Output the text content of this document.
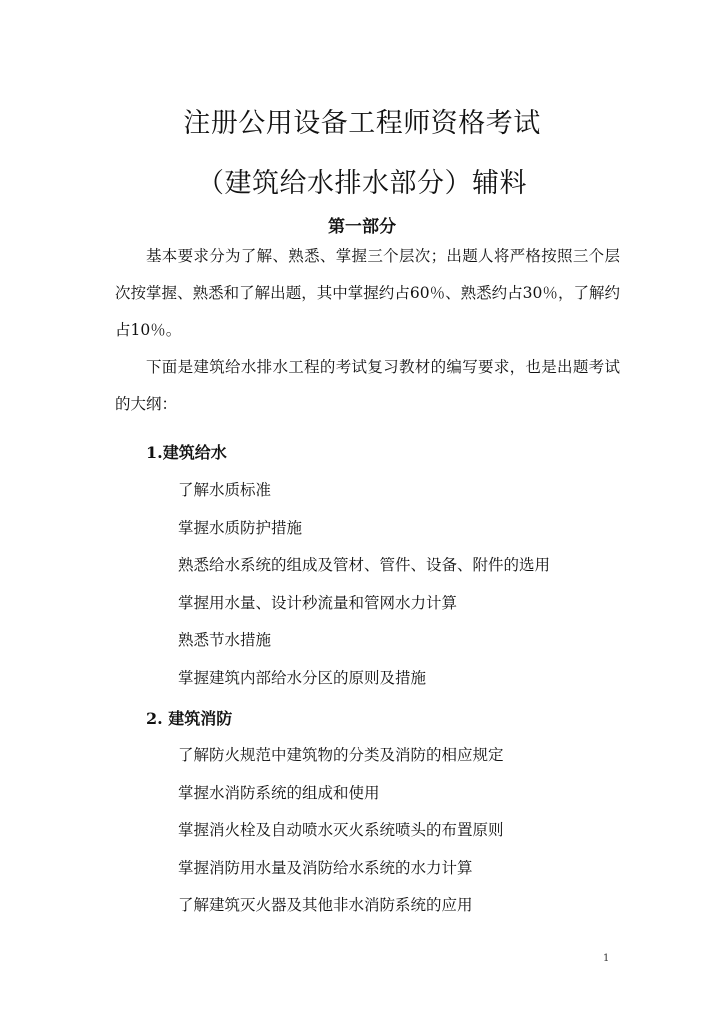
注册公用设备工程师资格考试
（建筑给水排水部分）辅料
第一部分

基本要求分为了解、熟悉、掌握三个层次；出题人将严格按照三个层次按掌握、熟悉和了解出题，其中掌握约占60％、熟悉约占30％，了解约占10％。

下面是建筑给水排水工程的考试复习教材的编写要求，也是出题考试的大纲：

1.建筑给水
了解水质标准
掌握水质防护措施
熟悉给水系统的组成及管材、管件、设备、附件的选用
掌握用水量、设计秒流量和管网水力计算
熟悉节水措施
掌握建筑内部给水分区的原则及措施
2. 建筑消防
了解防火规范中建筑物的分类及消防的相应规定
掌握水消防系统的组成和使用
掌握消火栓及自动喷水灭火系统喷头的布置原则
掌握消防用水量及消防给水系统的水力计算
了解建筑灭火器及其他非水消防系统的应用
1
